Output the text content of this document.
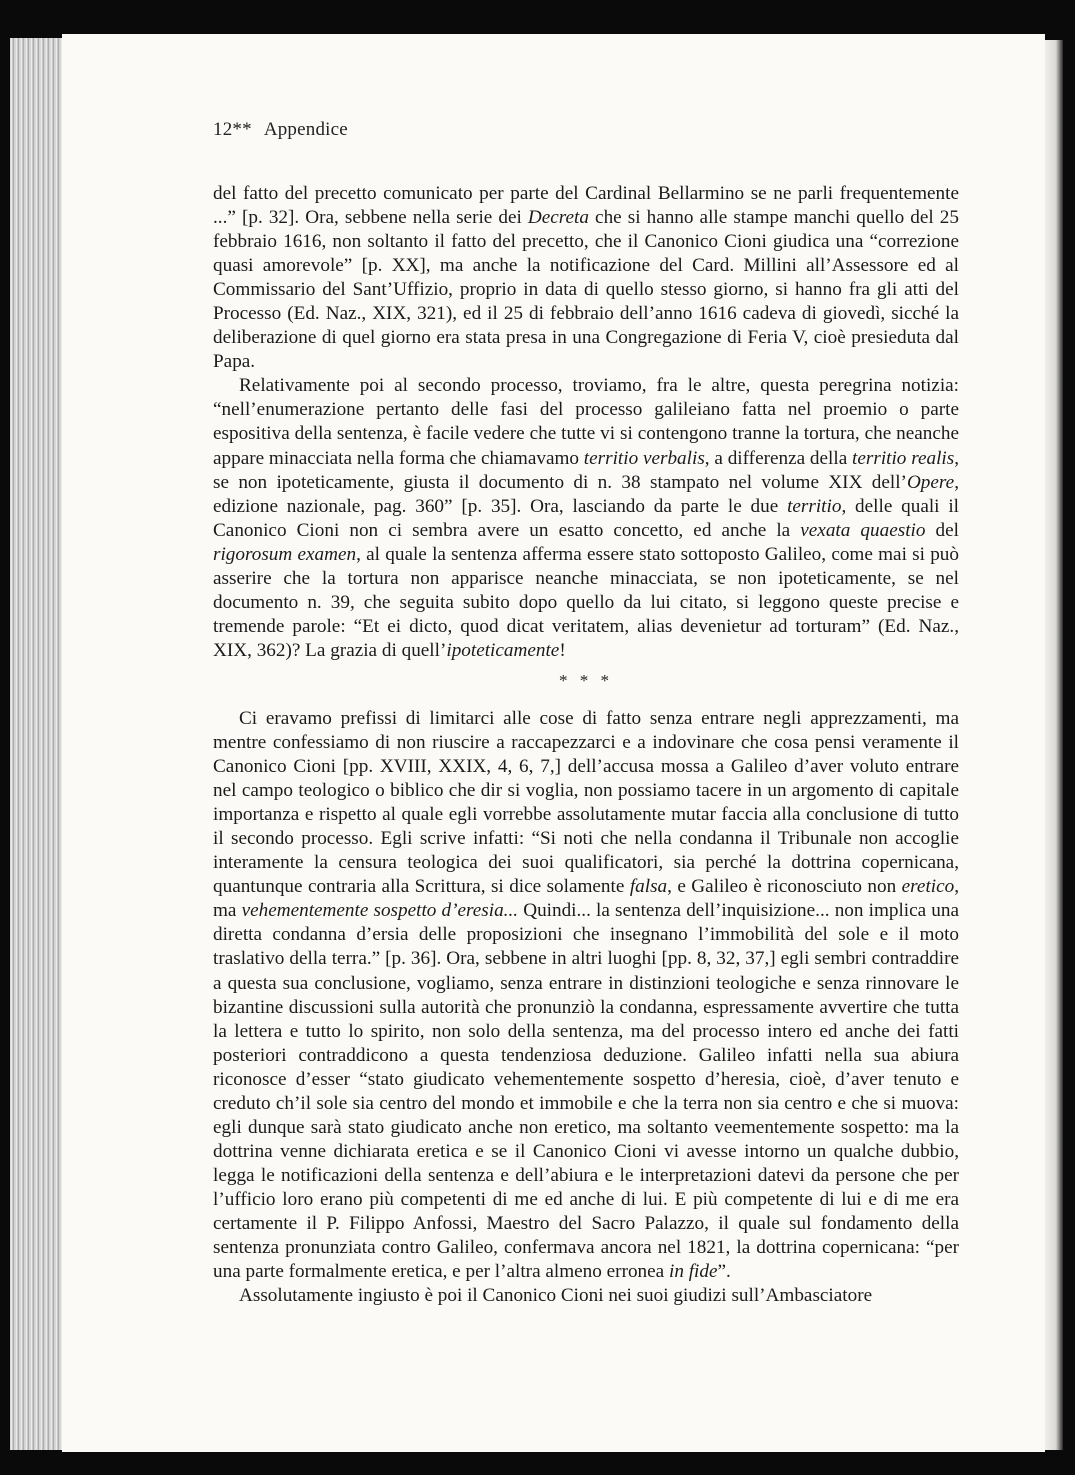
12** Appendice

del fatto del precetto comunicato per parte del Cardinal Bellarmino se ne parli frequentemente ...” [p. 32]. Ora, sebbene nella serie dei Decreta che si hanno alle stampe manchi quello del 25 febbraio 1616, non soltanto il fatto del precetto, che il Canonico Cioni giudica una “correzione quasi amorevole” [p. XX], ma anche la notificazione del Card. Millini all’Assessore ed al Commissario del Sant’Uffizio, proprio in data di quello stesso giorno, si hanno fra gli atti del Processo (Ed. Naz., XIX, 321), ed il 25 di febbraio dell’anno 1616 cadeva di giovedì, sicché la deliberazione di quel giorno era stata presa in una Congregazione di Feria V, cioè presieduta dal Papa.

Relativamente poi al secondo processo, troviamo, fra le altre, questa peregrina notizia: “nell’enumerazione pertanto delle fasi del processo galileiano fatta nel proemio o parte espositiva della sentenza, è facile vedere che tutte vi si contengono tranne la tortura, che neanche appare minacciata nella forma che chiamavamo territio verbalis, a differenza della territio realis, se non ipoteticamente, giusta il documento di n. 38 stampato nel volume XIX dell’Opere, edizione nazionale, pag. 360” [p. 35]. Ora, lasciando da parte le due territio, delle quali il Canonico Cioni non ci sembra avere un esatto concetto, ed anche la vexata quaestio del rigorosum examen, al quale la sentenza afferma essere stato sottoposto Galileo, come mai si può asserire che la tortura non apparisce neanche minacciata, se non ipoteticamente, se nel documento n. 39, che seguita subito dopo quello da lui citato, si leggono queste precise e tremende parole: “Et ei dicto, quod dicat veritatem, alias devenietur ad torturam” (Ed. Naz., XIX, 362)? La grazia di quell’ipoteticamente!

* * *

Ci eravamo prefissi di limitarci alle cose di fatto senza entrare negli apprezzamenti, ma mentre confessiamo di non riuscire a raccapezzarci e a indovinare che cosa pensi veramente il Canonico Cioni [pp. XVIII, XXIX, 4, 6, 7,] dell’accusa mossa a Galileo d’aver voluto entrare nel campo teologico o biblico che dir si voglia, non possiamo tacere in un argomento di capitale importanza e rispetto al quale egli vorrebbe assolutamente mutar faccia alla conclusione di tutto il secondo processo. Egli scrive infatti: “Si noti che nella condanna il Tribunale non accoglie interamente la censura teologica dei suoi qualificatori, sia perché la dottrina copernicana, quantunque contraria alla Scrittura, si dice solamente falsa, e Galileo è riconosciuto non eretico, ma vehementemente sospetto d’eresia... Quindi... la sentenza dell’inquisizione... non implica una diretta condanna d’ersia delle proposizioni che insegnano l’immobilità del sole e il moto traslativo della terra.” [p. 36]. Ora, sebbene in altri luoghi [pp. 8, 32, 37,] egli sembri contraddire a questa sua conclusione, vogliamo, senza entrare in distinzioni teologiche e senza rinnovare le bizantine discussioni sulla autorità che pronunziò la condanna, espressamente avvertire che tutta la lettera e tutto lo spirito, non solo della sentenza, ma del processo intero ed anche dei fatti posteriori contraddicono a questa tendenziosa deduzione. Galileo infatti nella sua abiura riconosce d’esser “stato giudicato vehementemente sospetto d’heresia, cioè, d’aver tenuto e creduto ch’il sole sia centro del mondo et immobile e che la terra non sia centro e che si muova: egli dunque sarà stato giudicato anche non eretico, ma soltanto veementemente sospetto: ma la dottrina venne dichiarata eretica e se il Canonico Cioni vi avesse intorno un qualche dubbio, legga le notificazioni della sentenza e dell’abiura e le interpretazioni datevi da persone che per l’ufficio loro erano più competenti di me ed anche di lui. E più competente di lui e di me era certamente il P. Filippo Anfossi, Maestro del Sacro Palazzo, il quale sul fondamento della sentenza pronunziata contro Galileo, confermava ancora nel 1821, la dottrina copernicana: “per una parte formalmente eretica, e per l’altra almeno erronea in fide”.

Assolutamente ingiusto è poi il Canonico Cioni nei suoi giudizi sull’Ambasciatore
